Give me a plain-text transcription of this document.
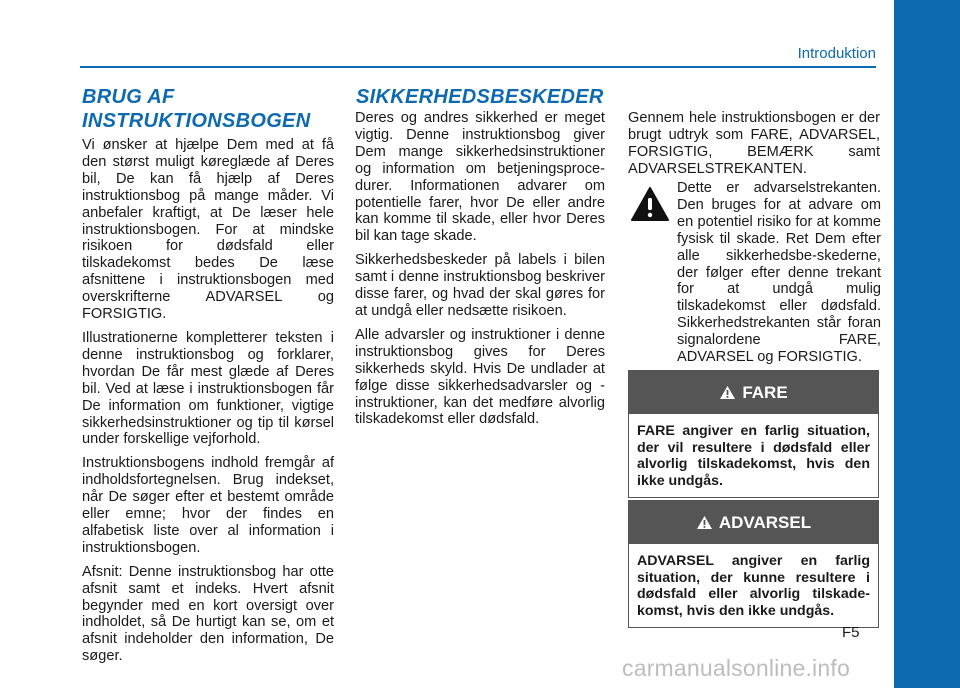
Introduktion
BRUG AF
INSTRUKTIONSBOGEN

Vi ønsker at hjælpe Dem med at få den størst muligt køreglæde af Deres bil, De kan få hjælp af Deres instruktionsbog på mange måder. Vi anbefaler kraftigt, at De læser hele instruktionsbogen. For at mindske risikoen for dødsfald eller tilskadekomst bedes De læse afsnittene i instruktionsbogen med overskrifterne ADVARSEL og FORSIGTIG.

Illustrationerne kompletterer teksten i denne instruktionsbog og forklarer, hvordan De får mest glæde af Deres bil. Ved at læse i instruktionsbogen får De information om funktioner, vigtige sikkerhedsinstruktioner og tip til kørsel under forskellige vejforhold.

Instruktionsbogens indhold fremgår af indholdsfortegnelsen. Brug indekset, når De søger efter et bestemt område eller emne; hvor der findes en alfabetisk liste over al information i instruktionsbogen.

Afsnit: Denne instruktionsbog har otte afsnit samt et indeks. Hvert afsnit begynder med en kort oversigt over indholdet, så De hurtigt kan se, om et afsnit indeholder den information, De søger.

SIKKERHEDSBESKEDER

Deres og andres sikkerhed er meget vigtig. Denne instruktionsbog giver Dem mange sikkerhedsinstruktioner og information om betjeningsproce-durer. Informationen advarer om potentielle farer, hvor De eller andre kan komme til skade, eller hvor Deres bil kan tage skade.

Sikkerhedsbeskeder på labels i bilen samt i denne instruktionsbog beskriver disse farer, og hvad der skal gøres for at undgå eller nedsætte risikoen.

Alle advarsler og instruktioner i denne instruktionsbog gives for Deres sikkerheds skyld. Hvis De undlader at følge disse sikkerhedsadvarsler og -instruktioner, kan det medføre alvorlig tilskadekomst eller dødsfald.

Gennem hele instruktionsbogen er der brugt udtryk som FARE, ADVARSEL, FORSIGTIG, BEMÆRK samt ADVARSELSTREKANTEN.

Dette er advarselstrekanten. Den bruges for at advare om en potentiel risiko for at komme fysisk til skade. Ret Dem efter alle sikkerhedsbe-skederne, der følger efter denne trekant for at undgå mulig tilskadekomst eller dødsfald. Sikkerhedstrekanten står foran signalordene FARE, ADVARSEL og FORSIGTIG.
FARE
FARE angiver en farlig situation, der vil resultere i dødsfald eller alvorlig tilskadekomst, hvis den ikke undgås.
ADVARSEL
ADVARSEL angiver en farlig situation, der kunne resultere i dødsfald eller alvorlig tilskade-komst, hvis den ikke undgås.
F5
carmanualsonline.info
